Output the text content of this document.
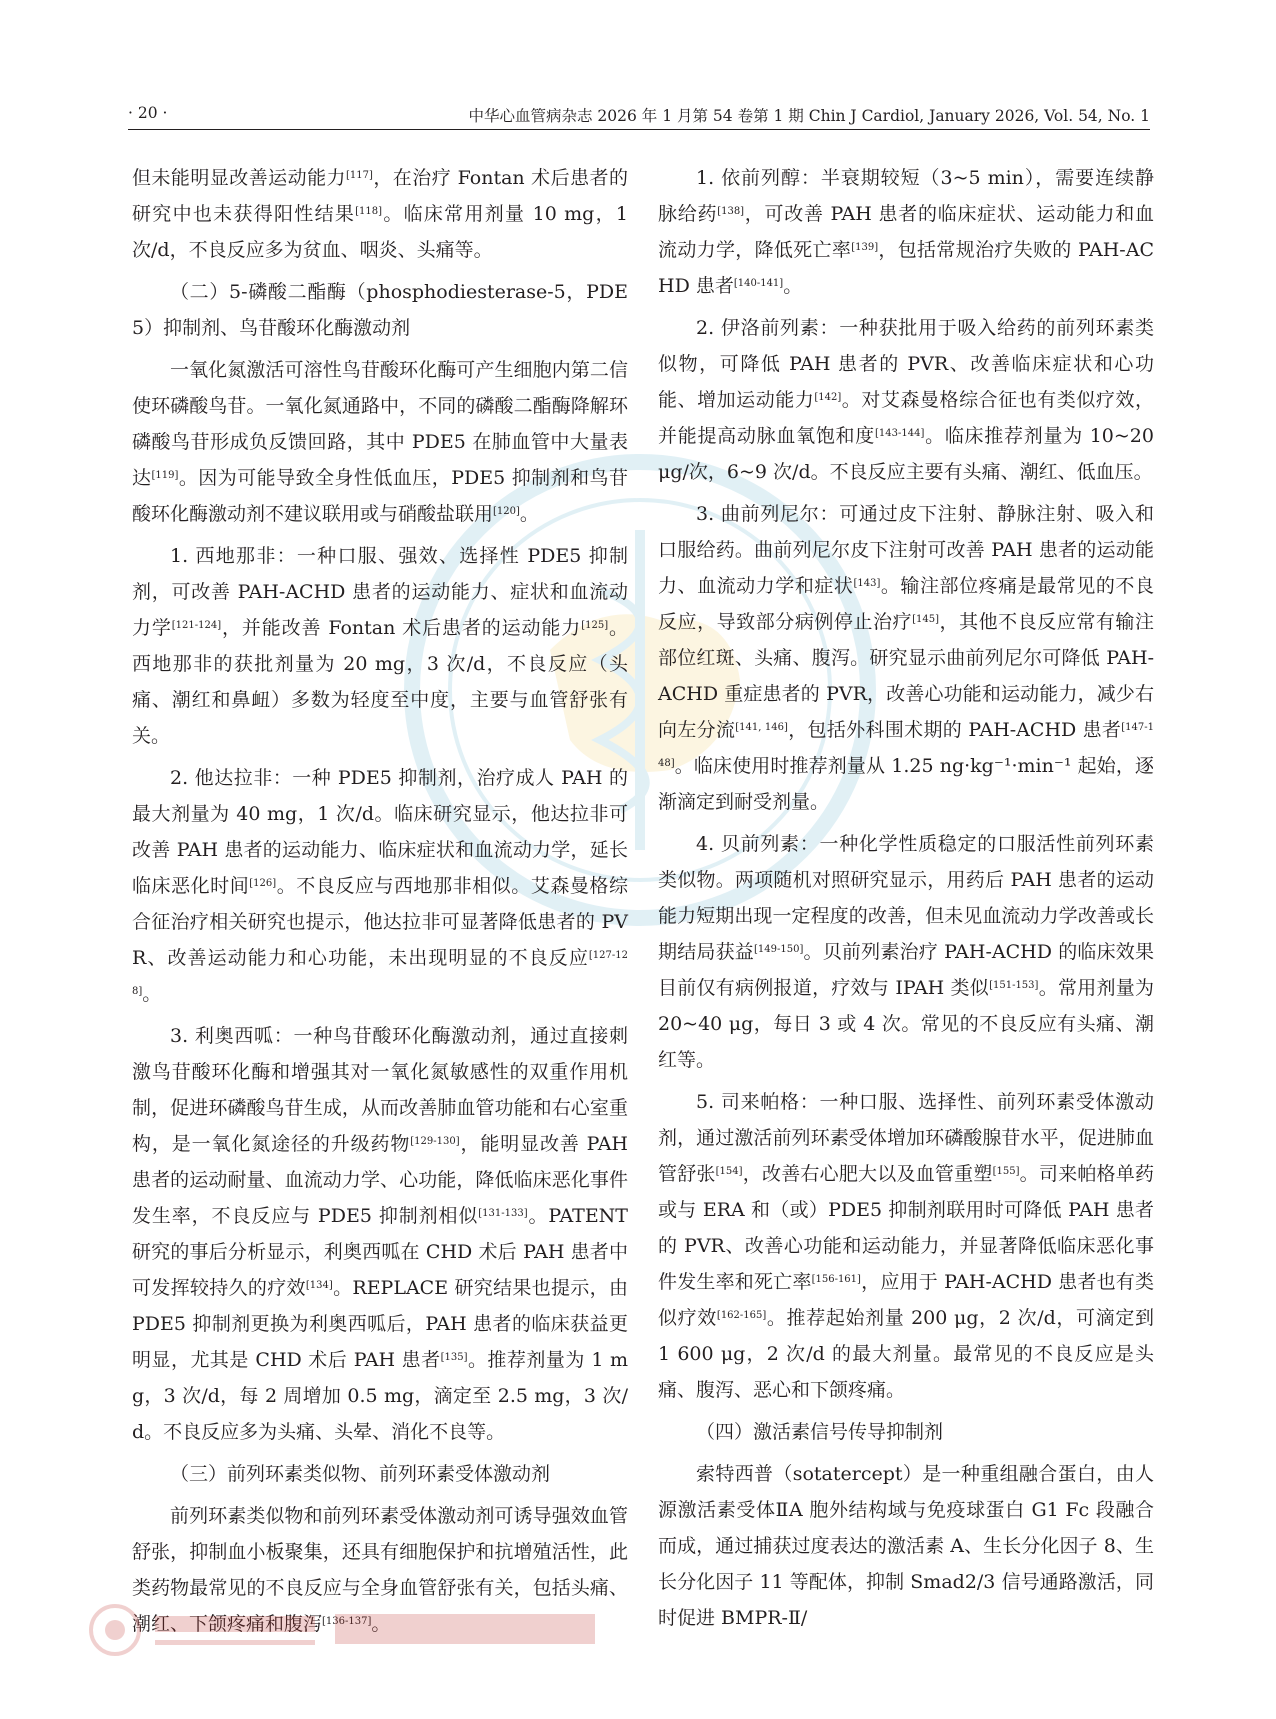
· 20 ·	中华心血管病杂志 2026 年 1 月第 54 卷第 1 期 Chin J Cardiol, January 2026, Vol. 54, No. 1

但未能明显改善运动能力[117]，在治疗 Fontan 术后患者的研究中也未获得阳性结果[118]。临床常用剂量 10 mg，1 次/d，不良反应多为贫血、咽炎、头痛等。

（二）5-磷酸二酯酶（phosphodiesterase-5，PDE5）抑制剂、鸟苷酸环化酶激动剂

一氧化氮激活可溶性鸟苷酸环化酶可产生细胞内第二信使环磷酸鸟苷。一氧化氮通路中，不同的磷酸二酯酶降解环磷酸鸟苷形成负反馈回路，其中 PDE5 在肺血管中大量表达[119]。因为可能导致全身性低血压，PDE5 抑制剂和鸟苷酸环化酶激动剂不建议联用或与硝酸盐联用[120]。

1. 西地那非：一种口服、强效、选择性 PDE5 抑制剂，可改善 PAH-ACHD 患者的运动能力、症状和血流动力学[121-124]，并能改善 Fontan 术后患者的运动能力[125]。西地那非的获批剂量为 20 mg，3 次/d，不良反应（头痛、潮红和鼻衄）多数为轻度至中度，主要与血管舒张有关。

2. 他达拉非：一种 PDE5 抑制剂，治疗成人 PAH 的最大剂量为 40 mg，1 次/d。临床研究显示，他达拉非可改善 PAH 患者的运动能力、临床症状和血流动力学，延长临床恶化时间[126]。不良反应与西地那非相似。艾森曼格综合征治疗相关研究也提示，他达拉非可显著降低患者的 PVR、改善运动能力和心功能，未出现明显的不良反应[127-128]。

3. 利奥西呱：一种鸟苷酸环化酶激动剂，通过直接刺激鸟苷酸环化酶和增强其对一氧化氮敏感性的双重作用机制，促进环磷酸鸟苷生成，从而改善肺血管功能和右心室重构，是一氧化氮途径的升级药物[129-130]，能明显改善 PAH 患者的运动耐量、血流动力学、心功能，降低临床恶化事件发生率，不良反应与 PDE5 抑制剂相似[131-133]。PATENT 研究的事后分析显示，利奥西呱在 CHD 术后 PAH 患者中可发挥较持久的疗效[134]。REPLACE 研究结果也提示，由 PDE5 抑制剂更换为利奥西呱后，PAH 患者的临床获益更明显，尤其是 CHD 术后 PAH 患者[135]。推荐剂量为 1 mg，3 次/d，每 2 周增加 0.5 mg，滴定至 2.5 mg，3 次/d。不良反应多为头痛、头晕、消化不良等。

（三）前列环素类似物、前列环素受体激动剂

前列环素类似物和前列环素受体激动剂可诱导强效血管舒张，抑制血小板聚集，还具有细胞保护和抗增殖活性，此类药物最常见的不良反应与全身血管舒张有关，包括头痛、潮红、下颌疼痛和腹泻[136-137]。

1. 依前列醇：半衰期较短（3~5 min），需要连续静脉给药[138]，可改善 PAH 患者的临床症状、运动能力和血流动力学，降低死亡率[139]，包括常规治疗失败的 PAH-ACHD 患者[140-141]。

2. 伊洛前列素：一种获批用于吸入给药的前列环素类似物，可降低 PAH 患者的 PVR、改善临床症状和心功能、增加运动能力[142]。对艾森曼格综合征也有类似疗效，并能提高动脉血氧饱和度[143-144]。临床推荐剂量为 10~20 μg/次，6~9 次/d。不良反应主要有头痛、潮红、低血压。

3. 曲前列尼尔：可通过皮下注射、静脉注射、吸入和口服给药。曲前列尼尔皮下注射可改善 PAH 患者的运动能力、血流动力学和症状[143]。输注部位疼痛是最常见的不良反应，导致部分病例停止治疗[145]，其他不良反应常有输注部位红斑、头痛、腹泻。研究显示曲前列尼尔可降低 PAH-ACHD 重症患者的 PVR，改善心功能和运动能力，减少右向左分流[141, 146]，包括外科围术期的 PAH-ACHD 患者[147-148]。临床使用时推荐剂量从 1.25 ng·kg⁻¹·min⁻¹ 起始，逐渐滴定到耐受剂量。

4. 贝前列素：一种化学性质稳定的口服活性前列环素类似物。两项随机对照研究显示，用药后 PAH 患者的运动能力短期出现一定程度的改善，但未见血流动力学改善或长期结局获益[149-150]。贝前列素治疗 PAH-ACHD 的临床效果目前仅有病例报道，疗效与 IPAH 类似[151-153]。常用剂量为 20~40 μg，每日 3 或 4 次。常见的不良反应有头痛、潮红等。

5. 司来帕格：一种口服、选择性、前列环素受体激动剂，通过激活前列环素受体增加环磷酸腺苷水平，促进肺血管舒张[154]，改善右心肥大以及血管重塑[155]。司来帕格单药或与 ERA 和（或）PDE5 抑制剂联用时可降低 PAH 患者的 PVR、改善心功能和运动能力，并显著降低临床恶化事件发生率和死亡率[156-161]，应用于 PAH-ACHD 患者也有类似疗效[162-165]。推荐起始剂量 200 μg，2 次/d，可滴定到 1 600 μg，2 次/d 的最大剂量。最常见的不良反应是头痛、腹泻、恶心和下颌疼痛。

（四）激活素信号传导抑制剂

索特西普（sotatercept）是一种重组融合蛋白，由人源激活素受体ⅡA 胞外结构域与免疫球蛋白 G1 Fc 段融合而成，通过捕获过度表达的激活素 A、生长分化因子 8、生长分化因子 11 等配体，抑制 Smad2/3 信号通路激活，同时促进 BMPR-Ⅱ/
